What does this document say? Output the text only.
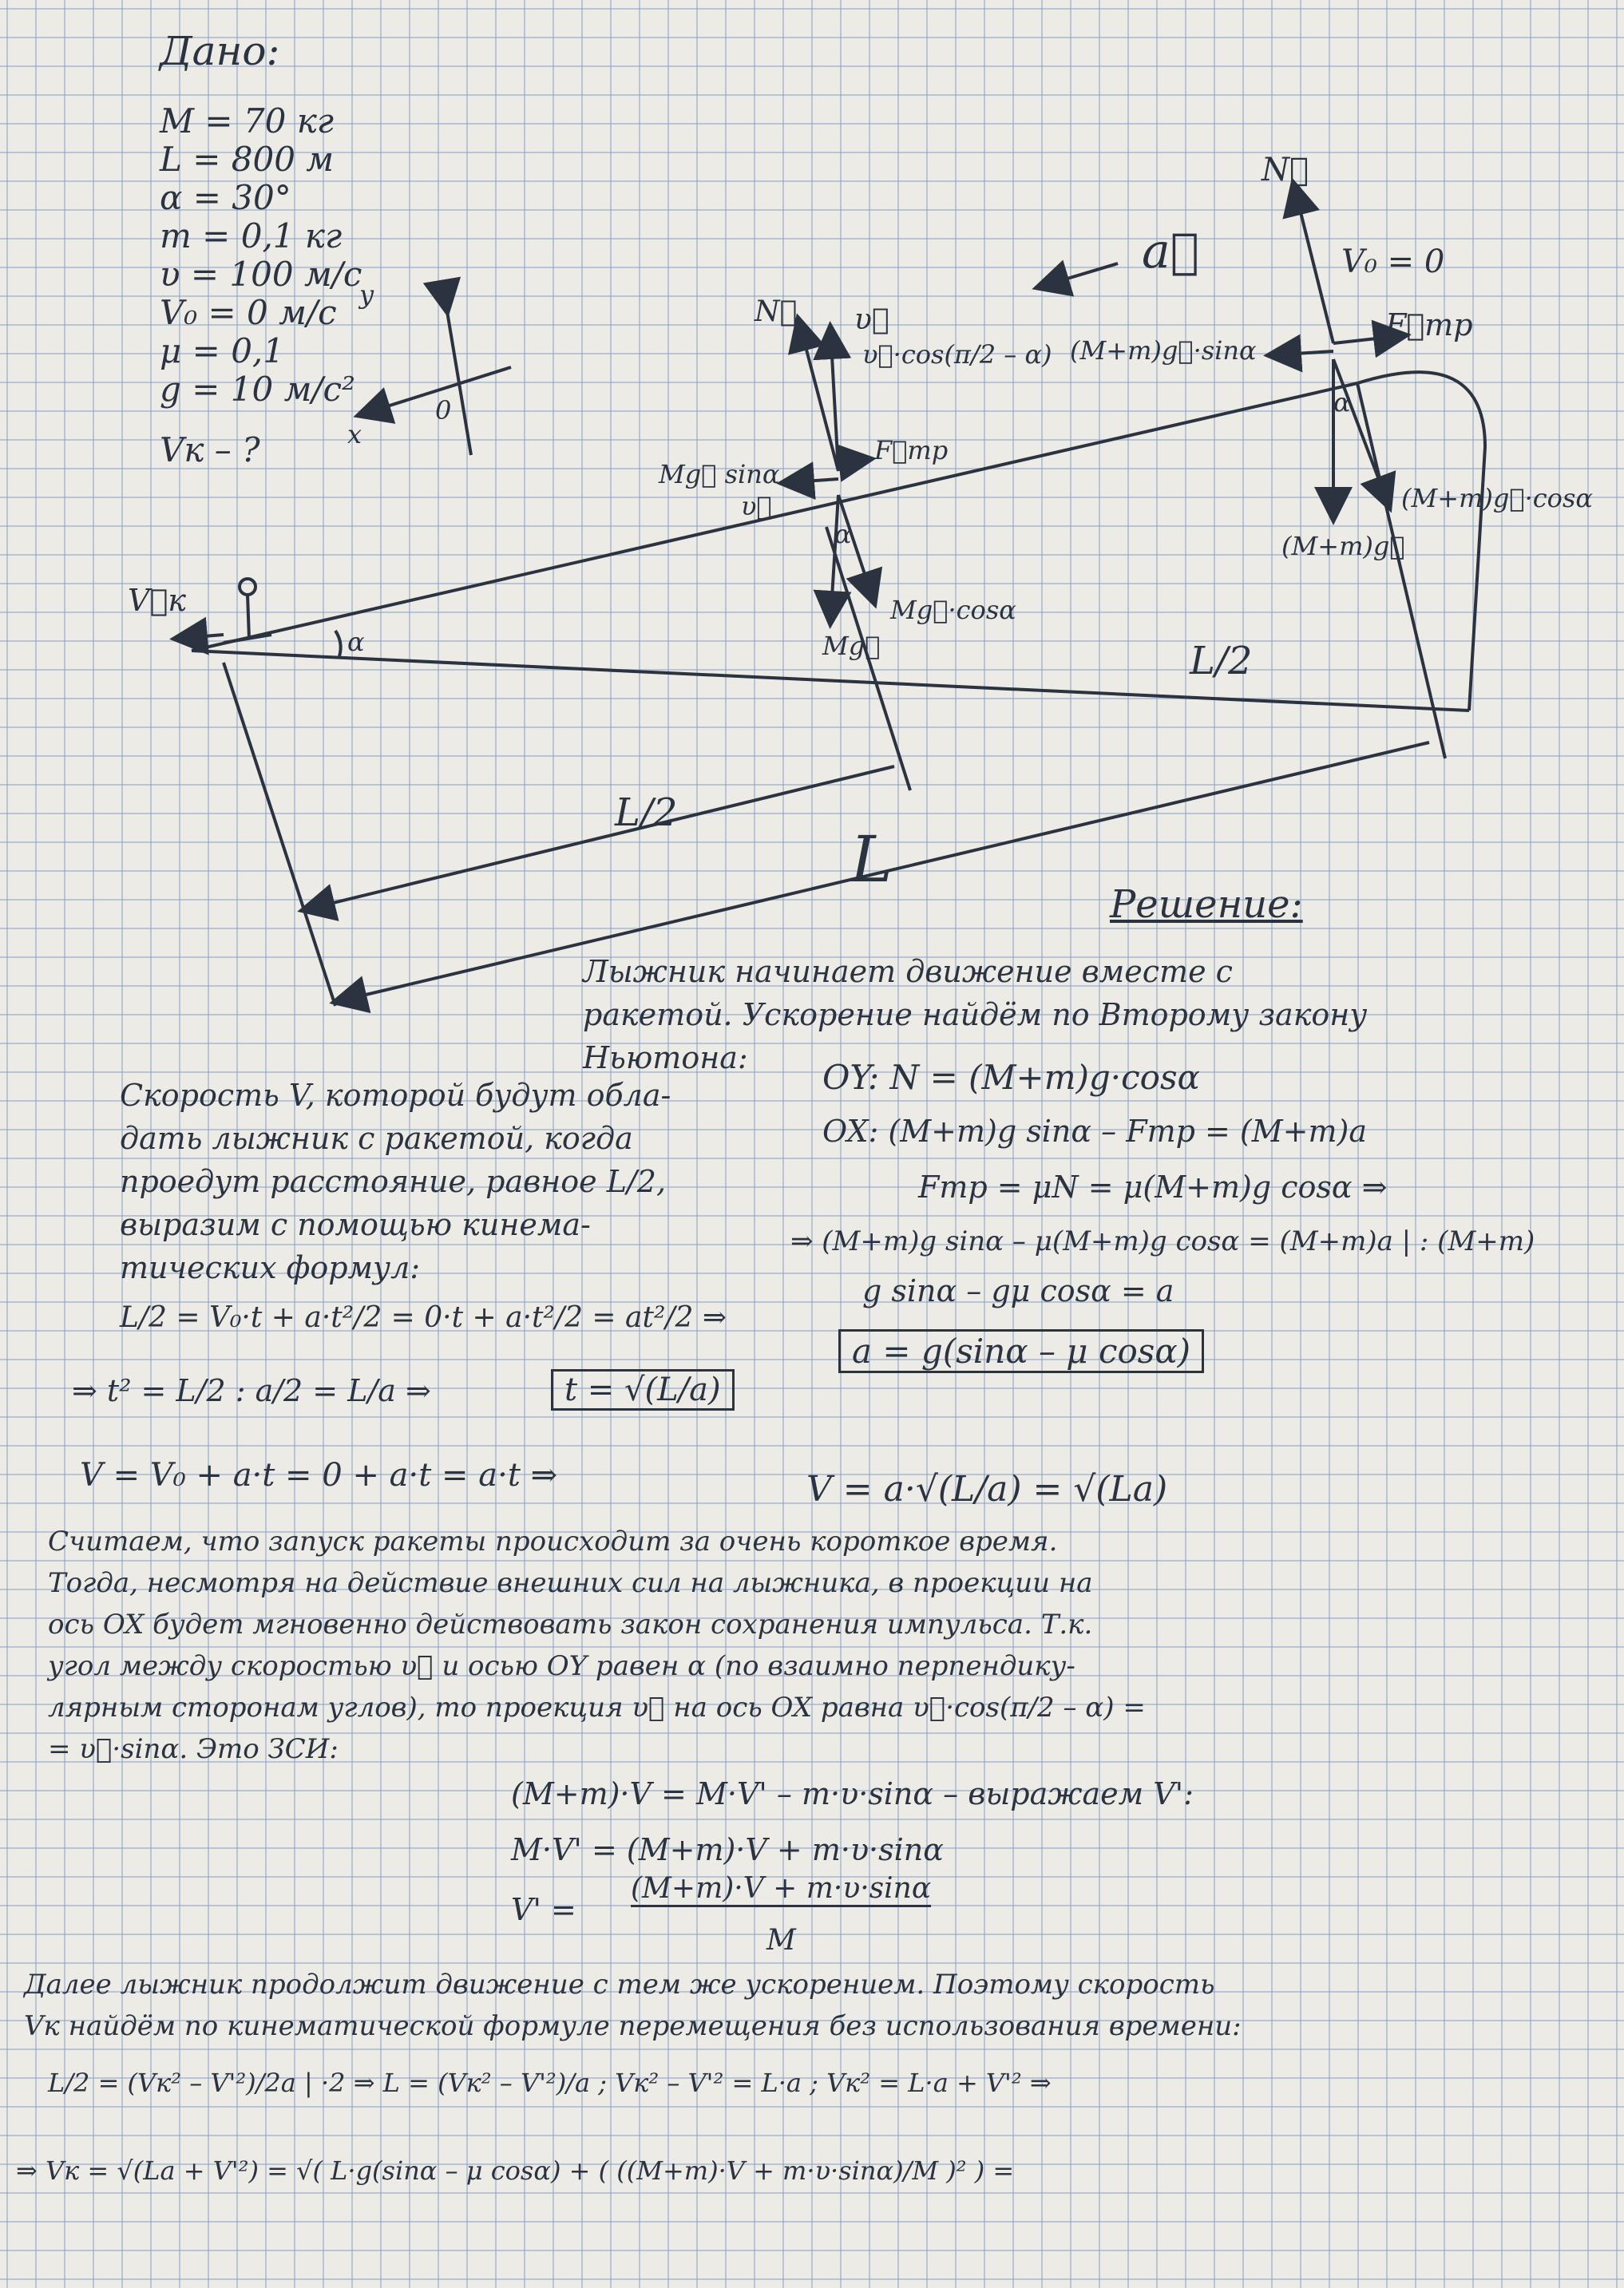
Дано:
M = 70 кг
L = 800 м
α = 30°
m = 0,1 кг
υ = 100 м/с
V₀ = 0 м/с
μ = 0,1
g = 10 м/с²
Vк – ?
y
x
0
a⃗
N⃗
V₀ = 0
F⃗тр
(M+m)g⃗·sinα
α
(M+m)g⃗·cosα
(M+m)g⃗
N⃗ υ⃗
υ⃗·cos(π/2 – α)
Mg⃗ sinα
F⃗тр
υ⃗
α
Mg⃗·cosα
Mg⃗
V⃗к
α	L/2
L/2
L
Решение:
Лыжник начинает движение вместе с
ракетой. Ускорение найдём по Второму закону
Ньютона:	OY: N = (M+m)g·cosα
OX: (M+m)g sinα – Fтр = (M+m)a
Fтр = μN = μ(M+m)g cosα ⇒
⇒ (M+m)g sinα – μ(M+m)g cosα = (M+m)a | : (M+m)
g sinα – gμ cosα = a
a = g(sinα – μ cosα)
Скорость V, которой будут обла-
дать лыжник с ракетой, когда
проедут расстояние, равное L/2,
выразим с помощью кинема-
тических формул:
L/2 = V₀·t + a·t²/2 = 0·t + a·t²/2 = at²/2 ⇒
⇒ t² = L/2 : a/2 = L/a ⇒	t = √(L/a)
V = V₀ + a·t = 0 + a·t = a·t ⇒	V = a·√(L/a) = √(La)
Считаем, что запуск ракеты происходит за очень короткое время.
Тогда, несмотря на действие внешних сил на лыжника, в проекции на
ось OX будет мгновенно действовать закон сохранения импульса. Т.к.
угол между скоростью υ⃗ и осью OY равен α (по взаимно перпендику-
лярным сторонам углов), то проекция υ⃗ на ось OX равна υ⃗·cos(π/2 – α) =
= υ⃗·sinα. Это ЗСИ:
(M+m)·V = M·V' – m·υ·sinα – выражаем V':
M·V' = (M+m)·V + m·υ·sinα
V' =
(M+m)·V + m·υ·sinα
M
Далее лыжник продолжит движение с тем же ускорением. Поэтому скорость
Vк найдём по кинематической формуле перемещения без использования времени:
L/2 = (Vк² – V'²)/2a | ·2 ⇒ L = (Vк² – V'²)/a ; Vк² – V'² = L·a ; Vк² = L·a + V'² ⇒
⇒ Vк = √(La + V'²) = √( L·g(sinα – μ cosα) + ( ((M+m)·V + m·υ·sinα)/M )² ) =
